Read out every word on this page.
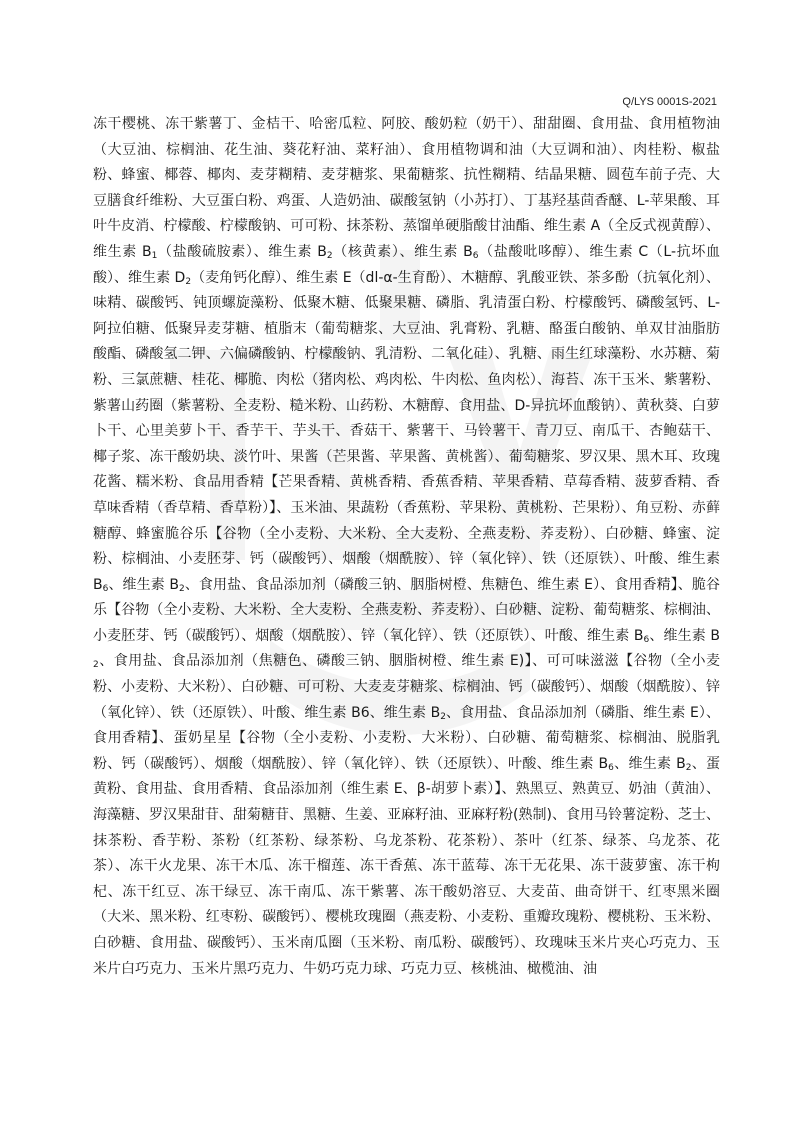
Q/LYS 0001S-2021

冻干樱桃、冻干紫薯丁、金桔干、哈密瓜粒、阿胶、酸奶粒（奶干）、甜甜圈、食用盐、食用植物油（大豆油、棕榈油、花生油、葵花籽油、菜籽油）、食用植物调和油（大豆调和油）、肉桂粉、椒盐粉、蜂蜜、椰蓉、椰肉、麦芽糊精、麦芽糖浆、果葡糖浆、抗性糊精、结晶果糖、圆苞车前子壳、大豆膳食纤维粉、大豆蛋白粉、鸡蛋、人造奶油、碳酸氢钠（小苏打）、丁基羟基茴香醚、L-苹果酸、耳叶牛皮消、柠檬酸、柠檬酸钠、可可粉、抹茶粉、蒸馏单硬脂酸甘油酯、维生素 A（全反式视黄醇）、维生素 $B_1$（盐酸硫胺素）、维生素 $B_2$（核黄素）、维生素 $B_6$（盐酸吡哆醇）、维生素 C（L-抗坏血酸）、维生素 $D_2$（麦角钙化醇）、维生素 E（dl-α-生育酚）、木糖醇、乳酸亚铁、茶多酚（抗氧化剂）、味精、碳酸钙、钝顶螺旋藻粉、低聚木糖、低聚果糖、磷脂、乳清蛋白粉、柠檬酸钙、磷酸氢钙、L-阿拉伯糖、低聚异麦芽糖、植脂末（葡萄糖浆、大豆油、乳膏粉、乳糖、酪蛋白酸钠、单双甘油脂肪酸酯、磷酸氢二钾、六偏磷酸钠、柠檬酸钠、乳清粉、二氧化硅）、乳糖、雨生红球藻粉、水苏糖、菊粉、三氯蔗糖、桂花、椰脆、肉松（猪肉松、鸡肉松、牛肉松、鱼肉松）、海苔、冻干玉米、紫薯粉、紫薯山药圈（紫薯粉、全麦粉、糙米粉、山药粉、木糖醇、食用盐、D-异抗坏血酸钠）、黄秋葵、白萝卜干、心里美萝卜干、香芋干、芋头干、香菇干、紫薯干、马铃薯干、青刀豆、南瓜干、杏鲍菇干、椰子浆、冻干酸奶块、淡竹叶、果酱（芒果酱、苹果酱、黄桃酱）、葡萄糖浆、罗汉果、黑木耳、玫瑰花酱、糯米粉、食品用香精【芒果香精、黄桃香精、香蕉香精、苹果香精、草莓香精、菠萝香精、香草味香精（香草精、香草粉）】、玉米油、果蔬粉（香蕉粉、苹果粉、黄桃粉、芒果粉）、角豆粉、赤藓糖醇、蜂蜜脆谷乐【谷物（全小麦粉、大米粉、全大麦粉、全燕麦粉、荞麦粉）、白砂糖、蜂蜜、淀粉、棕榈油、小麦胚芽、钙（碳酸钙）、烟酸（烟酰胺）、锌（氧化锌）、铁（还原铁）、叶酸、维生素 $B_6$、维生素 $B_2$、食用盐、食品添加剂（磷酸三钠、胭脂树橙、焦糖色、维生素 E）、食用香精】、脆谷乐【谷物（全小麦粉、大米粉、全大麦粉、全燕麦粉、荞麦粉）、白砂糖、淀粉、葡萄糖浆、棕榈油、小麦胚芽、钙（碳酸钙）、烟酸（烟酰胺）、锌（氧化锌）、铁（还原铁）、叶酸、维生素 $B_6$、维生素 $B_2$、食用盐、食品添加剂（焦糖色、磷酸三钠、胭脂树橙、维生素 E)】、可可味滋滋【谷物（全小麦粉、小麦粉、大米粉）、白砂糖、可可粉、大麦麦芽糖浆、棕榈油、钙（碳酸钙）、烟酸（烟酰胺）、锌（氧化锌）、铁（还原铁）、叶酸、维生素 B6、维生素 $B_2$、食用盐、食品添加剂（磷脂、维生素 E）、食用香精】、蛋奶星星【谷物（全小麦粉、小麦粉、大米粉）、白砂糖、葡萄糖浆、棕榈油、脱脂乳粉、钙（碳酸钙）、烟酸（烟酰胺）、锌（氧化锌）、铁（还原铁）、叶酸、维生素 $B_6$、维生素 $B_2$、蛋黄粉、食用盐、食用香精、食品添加剂（维生素 E、β-胡萝卜素）】、熟黑豆、熟黄豆、奶油（黄油）、海藻糖、罗汉果甜苷、甜菊糖苷、黑糖、生姜、亚麻籽油、亚麻籽粉(熟制)、食用马铃薯淀粉、芝士、抹茶粉、香芋粉、茶粉（红茶粉、绿茶粉、乌龙茶粉、花茶粉）、茶叶（红茶、绿茶、乌龙茶、花茶）、冻干火龙果、冻干木瓜、冻干榴莲、冻干香蕉、冻干蓝莓、冻干无花果、冻干菠萝蜜、冻干枸杞、冻干红豆、冻干绿豆、冻干南瓜、冻干紫薯、冻干酸奶溶豆、大麦苗、曲奇饼干、红枣黑米圈（大米、黑米粉、红枣粉、碳酸钙）、樱桃玫瑰圈（燕麦粉、小麦粉、重瓣玫瑰粉、樱桃粉、玉米粉、白砂糖、食用盐、碳酸钙）、玉米南瓜圈（玉米粉、南瓜粉、碳酸钙）、玫瑰味玉米片夹心巧克力、玉米片白巧克力、玉米片黑巧克力、牛奶巧克力球、巧克力豆、核桃油、橄榄油、油
